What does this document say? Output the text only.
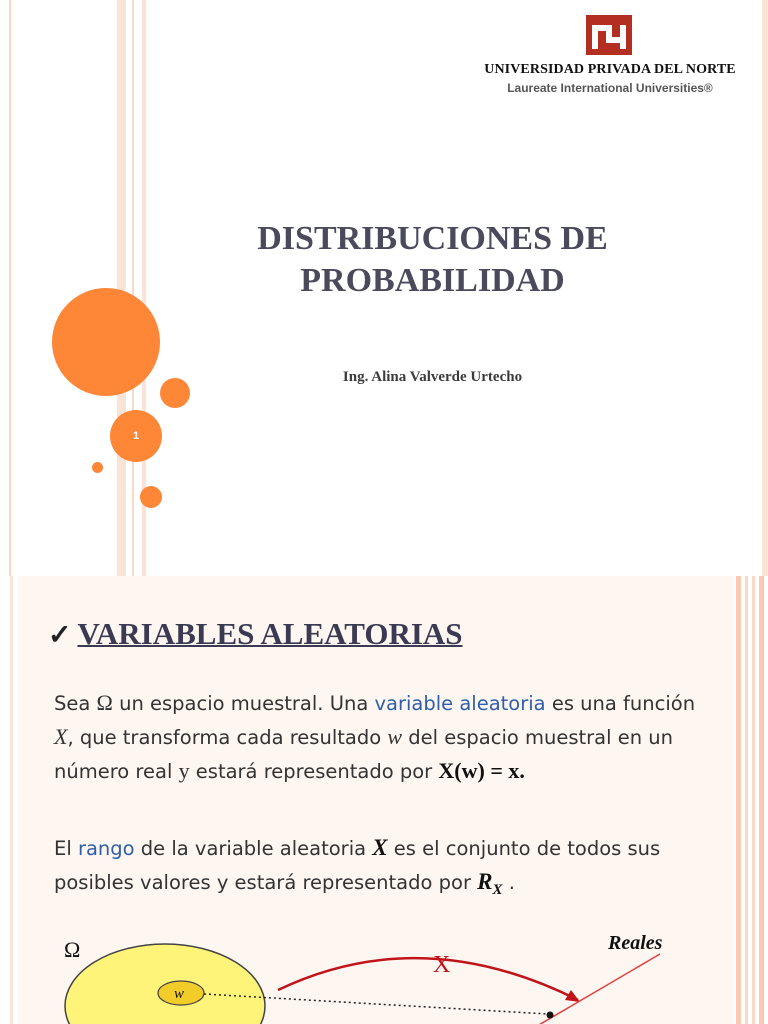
1
UNIVERSIDAD PRIVADA DEL NORTE
Laureate International Universities®
DISTRIBUCIONES DE
PROBABILIDAD
Ing. Alina Valverde Urtecho
✓ VARIABLES ALEATORIAS
Sea Ω un espacio muestral. Una variable aleatoria es una función X, que transforma cada resultado w del espacio muestral en un número real y estará representado por X(w) = x.
El rango de la variable aleatoria X es el conjunto de todos sus posibles valores y estará representado por $R_X$ .
Ω
w
X
Reales
